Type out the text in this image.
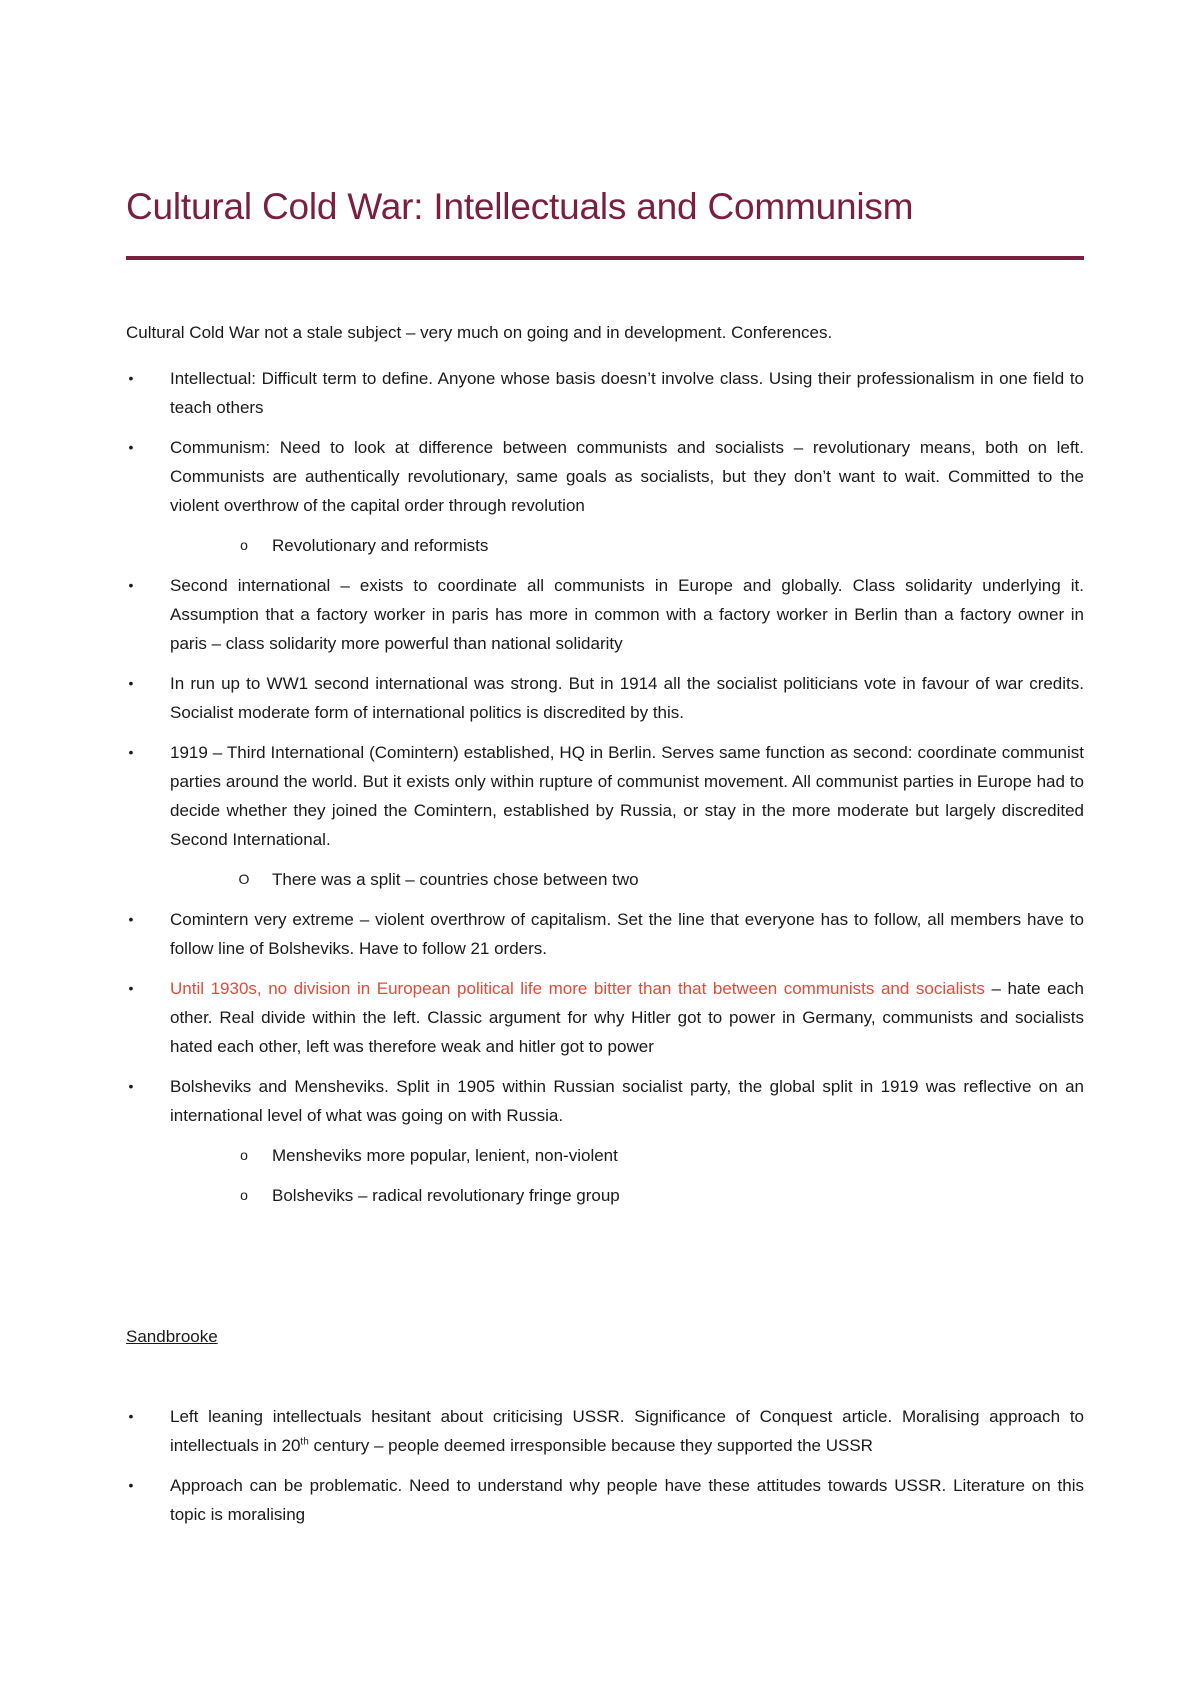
Cultural Cold War: Intellectuals and Communism

Cultural Cold War not a stale subject – very much on going and in development. Conferences.

• Intellectual: Difficult term to define. Anyone whose basis doesn’t involve class. Using their professionalism in one field to teach others
• Communism: Need to look at difference between communists and socialists – revolutionary means, both on left. Communists are authentically revolutionary, same goals as socialists, but they don’t want to wait. Committed to the violent overthrow of the capital order through revolution
o Revolutionary and reformists
• Second international – exists to coordinate all communists in Europe and globally. Class solidarity underlying it. Assumption that a factory worker in paris has more in common with a factory worker in Berlin than a factory owner in paris – class solidarity more powerful than national solidarity
• In run up to WW1 second international was strong. But in 1914 all the socialist politicians vote in favour of war credits. Socialist moderate form of international politics is discredited by this.
• 1919 – Third International (Comintern) established, HQ in Berlin. Serves same function as second: coordinate communist parties around the world. But it exists only within rupture of communist movement. All communist parties in Europe had to decide whether they joined the Comintern, established by Russia, or stay in the more moderate but largely discredited Second International.
O There was a split – countries chose between two
• Comintern very extreme – violent overthrow of capitalism. Set the line that everyone has to follow, all members have to follow line of Bolsheviks. Have to follow 21 orders.
• Until 1930s, no division in European political life more bitter than that between communists and socialists – hate each other. Real divide within the left. Classic argument for why Hitler got to power in Germany, communists and socialists hated each other, left was therefore weak and hitler got to power
• Bolsheviks and Mensheviks. Split in 1905 within Russian socialist party, the global split in 1919 was reflective on an international level of what was going on with Russia.
o Mensheviks more popular, lenient, non-violent
o Bolsheviks – radical revolutionary fringe group

Sandbrooke

• Left leaning intellectuals hesitant about criticising USSR. Significance of Conquest article. Moralising approach to intellectuals in 20th century – people deemed irresponsible because they supported the USSR
• Approach can be problematic. Need to understand why people have these attitudes towards USSR. Literature on this topic is moralising
